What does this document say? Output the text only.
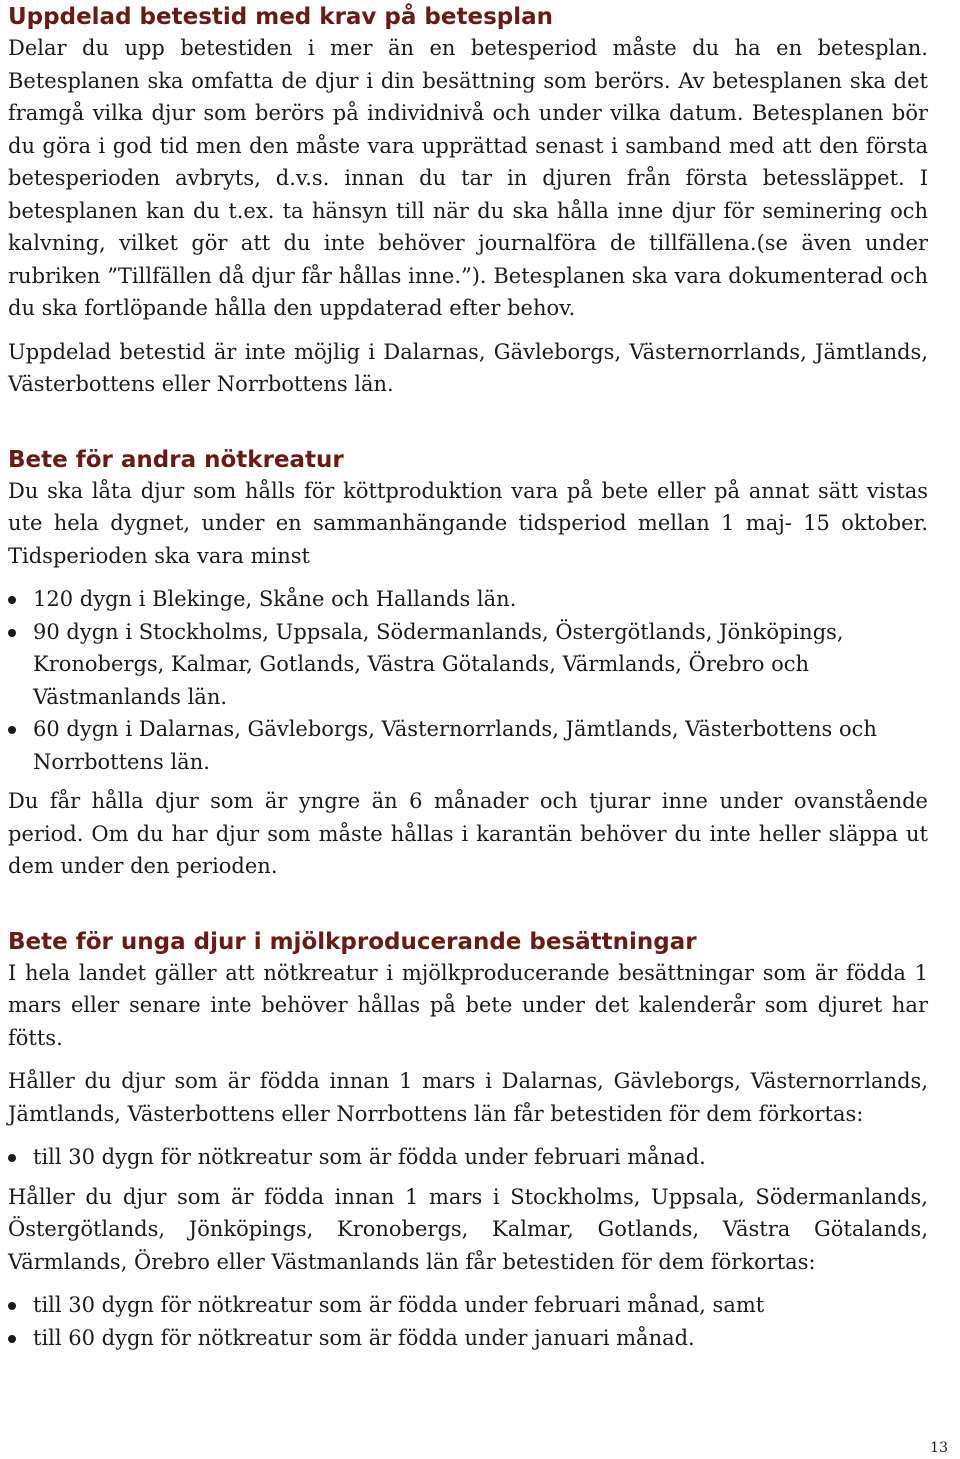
Uppdelad betestid med krav på betesplan

Delar du upp betestiden i mer än en betesperiod måste du ha en betesplan. Betesplanen ska omfatta de djur i din besättning som berörs. Av betesplanen ska det framgå vilka djur som berörs på individnivå och under vilka datum. Betesplanen bör du göra i god tid men den måste vara upprättad senast i samband med att den första betesperioden avbryts, d.v.s. innan du tar in djuren från första betessläppet. I betesplanen kan du t.ex. ta hänsyn till när du ska hålla inne djur för seminering och kalvning, vilket gör att du inte behöver journalföra de tillfällena.(se även under rubriken ”Tillfällen då djur får hållas inne.”). Betesplanen ska vara dokumenterad och du ska fortlöpande hålla den uppdaterad efter behov.

Uppdelad betestid är inte möjlig i Dalarnas, Gävleborgs, Västernorrlands, Jämtlands, Västerbottens eller Norrbottens län.

Bete för andra nötkreatur

Du ska låta djur som hålls för köttproduktion vara på bete eller på annat sätt vistas ute hela dygnet, under en sammanhängande tidsperiod mellan 1 maj- 15 oktober. Tidsperioden ska vara minst

120 dygn i Blekinge, Skåne och Hallands län.
90 dygn i Stockholms, Uppsala, Södermanlands, Östergötlands, Jönköpings, Kronobergs, Kalmar, Gotlands, Västra Götalands, Värmlands, Örebro och Västmanlands län.
60 dygn i Dalarnas, Gävleborgs, Västernorrlands, Jämtlands, Västerbottens och Norrbottens län.

Du får hålla djur som är yngre än 6 månader och tjurar inne under ovanstående period. Om du har djur som måste hållas i karantän behöver du inte heller släppa ut dem under den perioden.

Bete för unga djur i mjölkproducerande besättningar

I hela landet gäller att nötkreatur i mjölkproducerande besättningar som är födda 1 mars eller senare inte behöver hållas på bete under det kalenderår som djuret har fötts.

Håller du djur som är födda innan 1 mars i Dalarnas, Gävleborgs, Västernorrlands, Jämtlands, Västerbottens eller Norrbottens län får betestiden för dem förkortas:

till 30 dygn för nötkreatur som är födda under februari månad.

Håller du djur som är födda innan 1 mars i Stockholms, Uppsala, Södermanlands, Östergötlands, Jönköpings, Kronobergs, Kalmar, Gotlands, Västra Götalands, Värmlands, Örebro eller Västmanlands län får betestiden för dem förkortas:

till 30 dygn för nötkreatur som är födda under februari månad, samt
till 60 dygn för nötkreatur som är födda under januari månad.
13
